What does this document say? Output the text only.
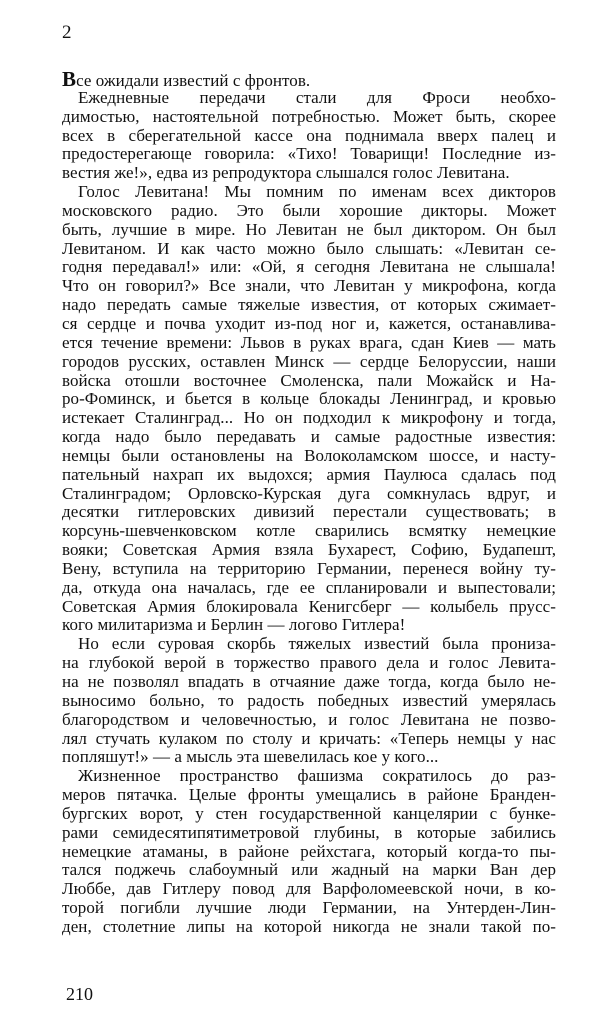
2
Все ожидали известий с фронтов.
Ежедневные передачи стали для Фроси необхо-
димостью, настоятельной потребностью. Может быть, скорее
всех в сберегательной кассе она поднимала вверх палец и
предостерегающе говорила: «Тихо! Товарищи! Последние из-
вестия же!», едва из репродуктора слышался голос Левитана.
Голос Левитана! Мы помним по именам всех дикторов
московского радио. Это были хорошие дикторы. Может
быть, лучшие в мире. Но Левитан не был диктором. Он был
Левитаном. И как часто можно было слышать: «Левитан се-
годня передавал!» или: «Ой, я сегодня Левитана не слышала!
Что он говорил?» Все знали, что Левитан у микрофона, когда
надо передать самые тяжелые известия, от которых сжимает-
ся сердце и почва уходит из-под ног и, кажется, останавлива-
ется течение времени: Львов в руках врага, сдан Киев — мать
городов русских, оставлен Минск — сердце Белоруссии, наши
войска отошли восточнее Смоленска, пали Можайск и На-
ро-Фоминск, и бьется в кольце блокады Ленинград, и кровью
истекает Сталинград... Но он подходил к микрофону и тогда,
когда надо было передавать и самые радостные известия:
немцы были остановлены на Волоколамском шоссе, и насту-
пательный нахрап их выдохся; армия Паулюса сдалась под
Сталинградом; Орловско-Курская дуга сомкнулась вдруг, и
десятки гитлеровских дивизий перестали существовать; в
корсунь-шевченковском котле сварились всмятку немецкие
вояки; Советская Армия взяла Бухарест, Софию, Будапешт,
Вену, вступила на территорию Германии, перенеся войну ту-
да, откуда она началась, где ее спланировали и выпестовали;
Советская Армия блокировала Кенигсберг — колыбель прусс-
кого милитаризма и Берлин — логово Гитлера!
Но если суровая скорбь тяжелых известий была пронизa-
на глубокой верой в торжество правого дела и голос Левита-
на не позволял впадать в отчаяние даже тогда, когда было не-
выносимо больно, то радость победных известий умерялась
благородством и человечностью, и голос Левитана не позво-
лял стучать кулаком по столу и кричать: «Теперь немцы у нас
попляшут!» — а мысль эта шевелилась кое у кого...
Жизненное пространство фашизма сократилось до раз-
меров пятачка. Целые фронты умещались в районе Бранден-
бургских ворот, у стен государственной канцелярии с бунке-
рами семидесятипятиметровой глубины, в которые забились
немецкие атаманы, в районе рейхстага, который когда-то пы-
тался поджечь слабоумный или жадный на марки Ван дер
Люббе, дав Гитлеру повод для Варфоломеевской ночи, в ко-
торой погибли лучшие люди Германии, на Унтерден-Лин-
ден, столетние липы на которой никогда не знали такой по-
210
